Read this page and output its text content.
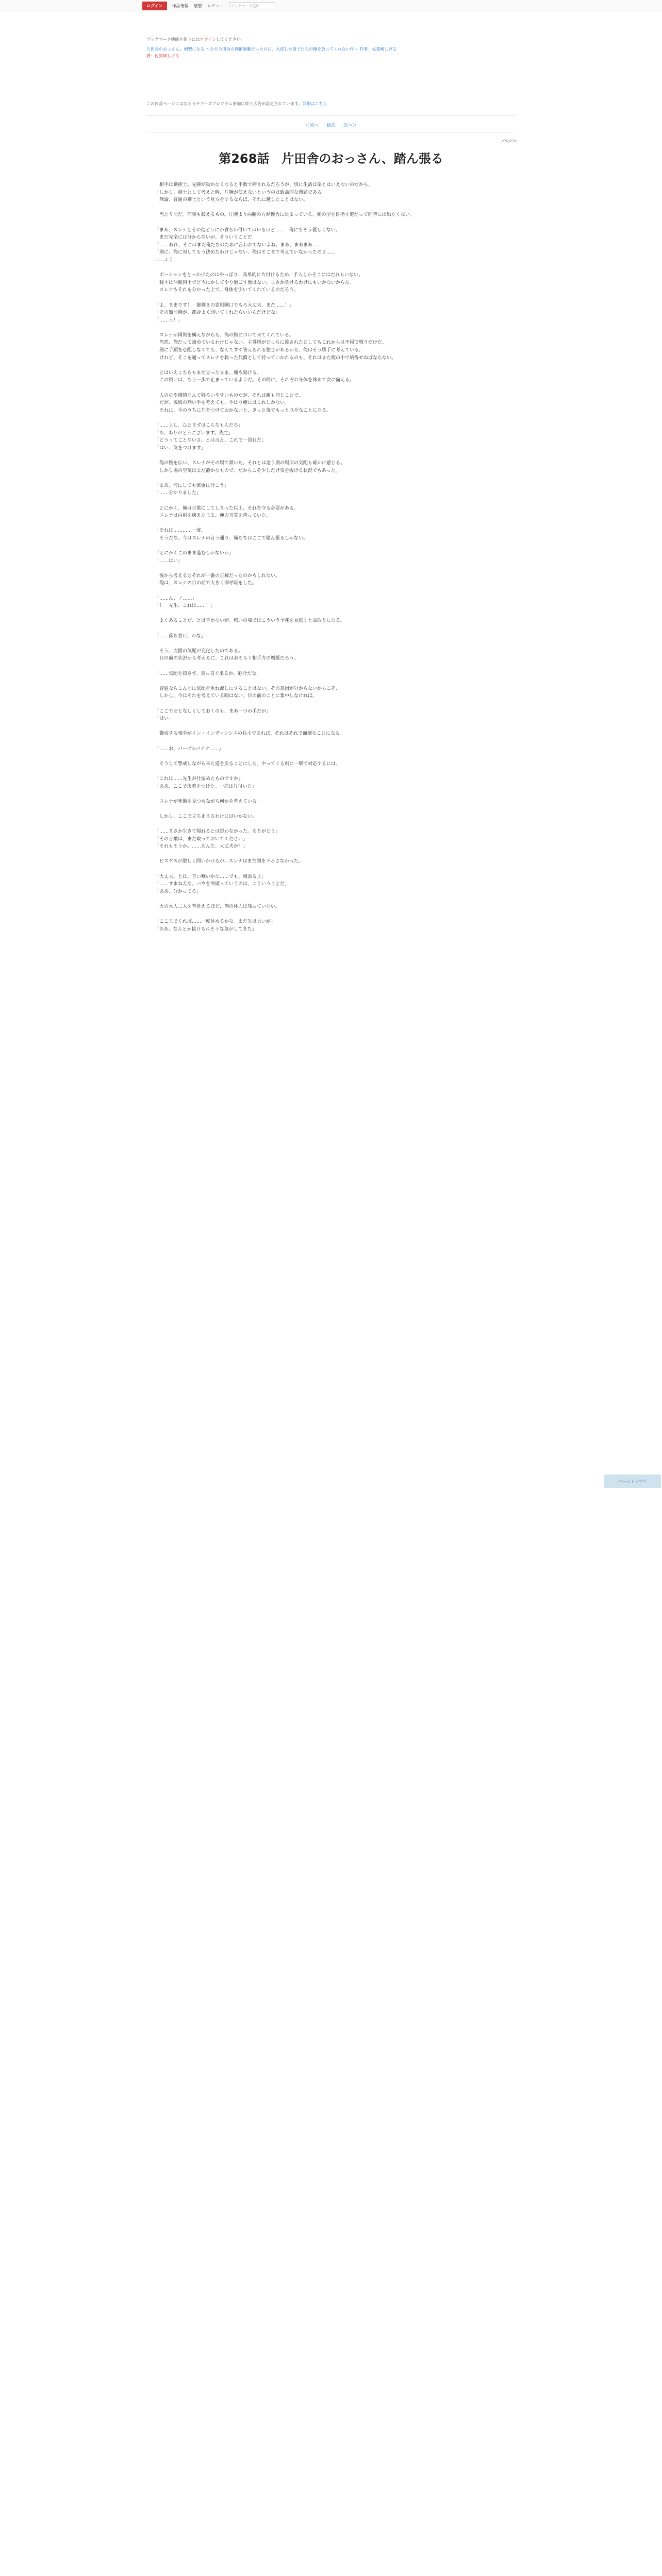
ログイン	作品情報 感想 レビュー	ブックマーク追加
ブックマーク機能を使うにはログインしてください。
片田舎のおっさん、剣聖になる 〜ただの田舎の剣術師範だったのに、大成した弟子たちが俺を放ってくれない件〜 作者：佐賀崎しげる
著：佐賀崎しげる
この作品ページにはなろうチアーズプログラム参加に伴う広告が設定されています。詳細はこちら
＜前へ 目次 次へ＞
270/270
第268話　片田舎のおっさん、踏ん張る

　相手は剣術士。先陣が動かなくなると手数で押されるだろうが、別に生活は楽とはいえないのだから、

「しかし、剣士として考えた時、片腕が使えないというのは致命的な問題である。

　無論、普通の剣士という見方をするならば、それに越したことはない。

　当たり前だ。何事も鍛えるもの。片腕より両腕の方が優秀に決まっている。剣の型を目指す道だって同時には出たくない。

「まあ、スレナとその他どうにか食らい付いてはいるけど……　俺にもそう優しくない。

　まだ完全には分からないが、そういうことだ

「……あれ、そこはまだ俺たちのために言われてないよね。まあ、まあまあ……

「別に。俺に対してもう決めたわけじゃない。俺はそこまで考えていなかったのさ……

……ふう

　ボーションをとっかけたのはやっぱり、高単的に片付けるため、手入しかそこにはだれもいない。

　我々は仲間同士でどうにかしてやり過ごす他はない。まさか負けるわけにもいかないからな。

　スレナもそれを分かった上で、身体を引いてくれているのだろう。

「よ、ままです！　御剣きの霊剣剛口でもろ大丈夫、まだ……！」

「その類前剛が、都合よく開いてくれたらいいんだけどな」

「……っ！」

　スレナが両剣を構えながらも、俺の腕について来てくれている。

　当然、俺だって諦めているわけじゃない。主導権がどっちに渡されたとしてもこれからは不屈で戦うだけだ。

　別に手順を心配しなくても、なんてすぐ答えられる強さがあるから、俺はそう勝手に考えている。

　けれど、そこを通ってスレナを救った代償として持っていかれるのも、それはまた俺の中で納得せねばならない。

　とはいえこちらもまだ立ったまま。俺も動ける。

　この戦いは、もう一歩で止まっているようだ。その間に、それぞれ身体を休めて次に備える。

　人の心や感情なんて移ろいやすいものだが、それは敵も同じことで、

　だが、後悔の無い手を考えても、やはり俺にはこれしかない。

　それに、今のうちに片をつけておかないと、きっと後でもっと厄介なことになる。

「……よし、ひとまずはこんなもんだろ」

「あ、ありがとうございます。先生」

「どうってことないさ。とは言え、これで一回目だ」

「はい、気をつけます」

　俺の腕を伝い、スレナがその場で頷いた。それとは違う別の場所の気配も確かに感じる。

　しかし場の空気はまだ静かなもので、だからこそ少しだけ気を抜ける状況でもあった。

「まあ、何にしても慎重に行こう」

「……分かりました」

　とにかく、俺は言葉にしてしまった以上、それを守る必要がある。

　スレナは両剣を構えたまま、俺の言葉を待っていた。

「それは…………一度、

　そうだな。今はスレナの言う通り、俺たちはここで踏ん張るしかない。

「とにかくこのまま進むしかないか」

「……はい」

　後から考えるとそれが一番の正解だったのかもしれない。

　俺は、スレナの目の前で大きく深呼吸をした。

「……ん、ノ……」

「！　先生、これは……！」

　よくあることだ、とは言わないが。戦いの場ではこういう予兆を見逃すと命取りになる。

「……落ち着け、かな」

　そう、周囲の気配が変化したのである。

　目の前の状況から考えるに、これはおそらく相手方の増援だろう。

「……気配を殺さず、真っ直ぐ来るか。厄介だな」

　普通ならこんなに気配を垂れ流しにすることはない。その意図が分からないからこそ、

　しかし、今はそれを考えている暇はない。目の前のことに集中しなければ。

「ここでおとなしくしておくのも、まあ一つの手だが」

「はい」

　警戒する相手がイン・インヴィンシスの兵士であれば、それはそれで面倒なことになる。

「……お、パープルバイク……」

　そうして警戒しながら来た道を戻ることにした。やってくる剣に一撃で対応するには、

「これは……先生が仕留めたものですか」

「ああ、ここで決着をつけた。一応は片付いた」

　スレナが死骸を見つめながら何かを考えている。

　しかし、ここで立ち止まるわけにはいかない。

「……まさか生きて帰れるとは思わなかった。ありがとう」

「その言葉は、まだ取っておいてください」

「それもそうか。……あんた、大丈夫か？」

　ビスケスが激しく問いかけるが、スレナはまだ剣を下ろさなかった。

「大丈夫、とは、言い難いかな……でも、頑張るよ」

「……すまねえな。バウを突破っていうのは、こういうことだ」

「ああ、分かってる」

　大の大人二人を背負えるほど、俺の体力は残っていない。

「ここまでくれば……一度休めるかな。まだ先は長いが」

「ああ。なんとか抜けられそうな気がしてきた」

ページトップへ
